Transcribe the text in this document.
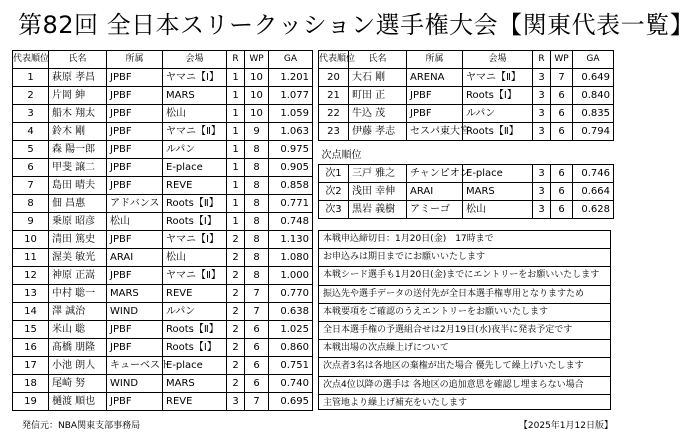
第82回 全日本スリークッション選手権大会【関東代表一覧】
代表順位	氏名	所属	会場	R	WP	GA
1	萩原 孝昌	JPBF	ヤマニ【Ⅰ】	1	10	1.201
2	片岡 紳	JPBF	MARS	1	10	1.077
3	船木 翔太	JPBF	松山	1	10	1.059
4	鈴木 剛	JPBF	ヤマニ【Ⅱ】	1	9	1.063
5	森 陽一郎	JPBF	ルパン	1	8	0.975
6	甲斐 譲二	JPBF	E-place	1	8	0.905
7	島田 晴夫	JPBF	REVE	1	8	0.858
8	佃 昌惠	アドバンス	Roots【Ⅱ】	1	8	0.771
9	乗原 昭彦	松山	Roots【Ⅰ】	1	8	0.748
10	清田 篤史	JPBF	ヤマニ【Ⅰ】	2	8	1.130
11	渥美 敏光	ARAI	松山	2	8	1.080
12	神原 正嵩	JPBF	ヤマニ【Ⅱ】	2	8	1.000
13	中村 聡一	MARS	REVE	2	7	0.770
14	澤 誠治	WIND	ルパン	2	7	0.638
15	米山 聡	JPBF	Roots【Ⅱ】	2	6	1.025
16	髙橋 朋隆	JPBF	Roots【Ⅰ】	2	6	0.860
17	小池 朗人	キューベスト	E-place	2	6	0.751
18	尾崎 努	WIND	MARS	2	6	0.740
19	樋渡 順也	JPBF	REVE	3	7	0.695
代表順位	氏名	所属	会場	R	WP	GA
20	大石 剛	ARENA	ヤマニ【Ⅱ】	3	7	0.649
21	町田 正	JPBF	Roots【Ⅰ】	3	6	0.840
22	牛込 茂	JPBF	ルパン	3	6	0.835
23	伊藤 孝志	セスパ東大宮	Roots【Ⅱ】	3	6	0.794

次点順位						
次1	三戸 雅之	チャンピオン	E-place	3	6	0.746
次2	浅田 幸伸	ARAI	MARS	3	6	0.664
次3	黒岩 義樹	アミーゴ	松山	3	6	0.628
本戦申込締切日：1月20日(金)　17時まで
お申込みは期日までにお願いいたします
本戦シード選手も1月20日(金)までにエントリーをお願いいたします
振込先や選手データの送付先が全日本選手権専用となりますため
本戦要項をご確認のうえエントリーをお願いいたします
全日本選手権の予選組合せは2月19日(水)夜半に発表予定です
本戦出場の次点繰上げについて
次点者3名は各地区の棄権が出た場合 優先して繰上げいたします
次点4位以降の選手は 各地区の追加意思を確認し埋まらない場合
主管地より繰上げ補充をいたします
発信元：NBA関東支部事務局	【2025年1月12日版】
